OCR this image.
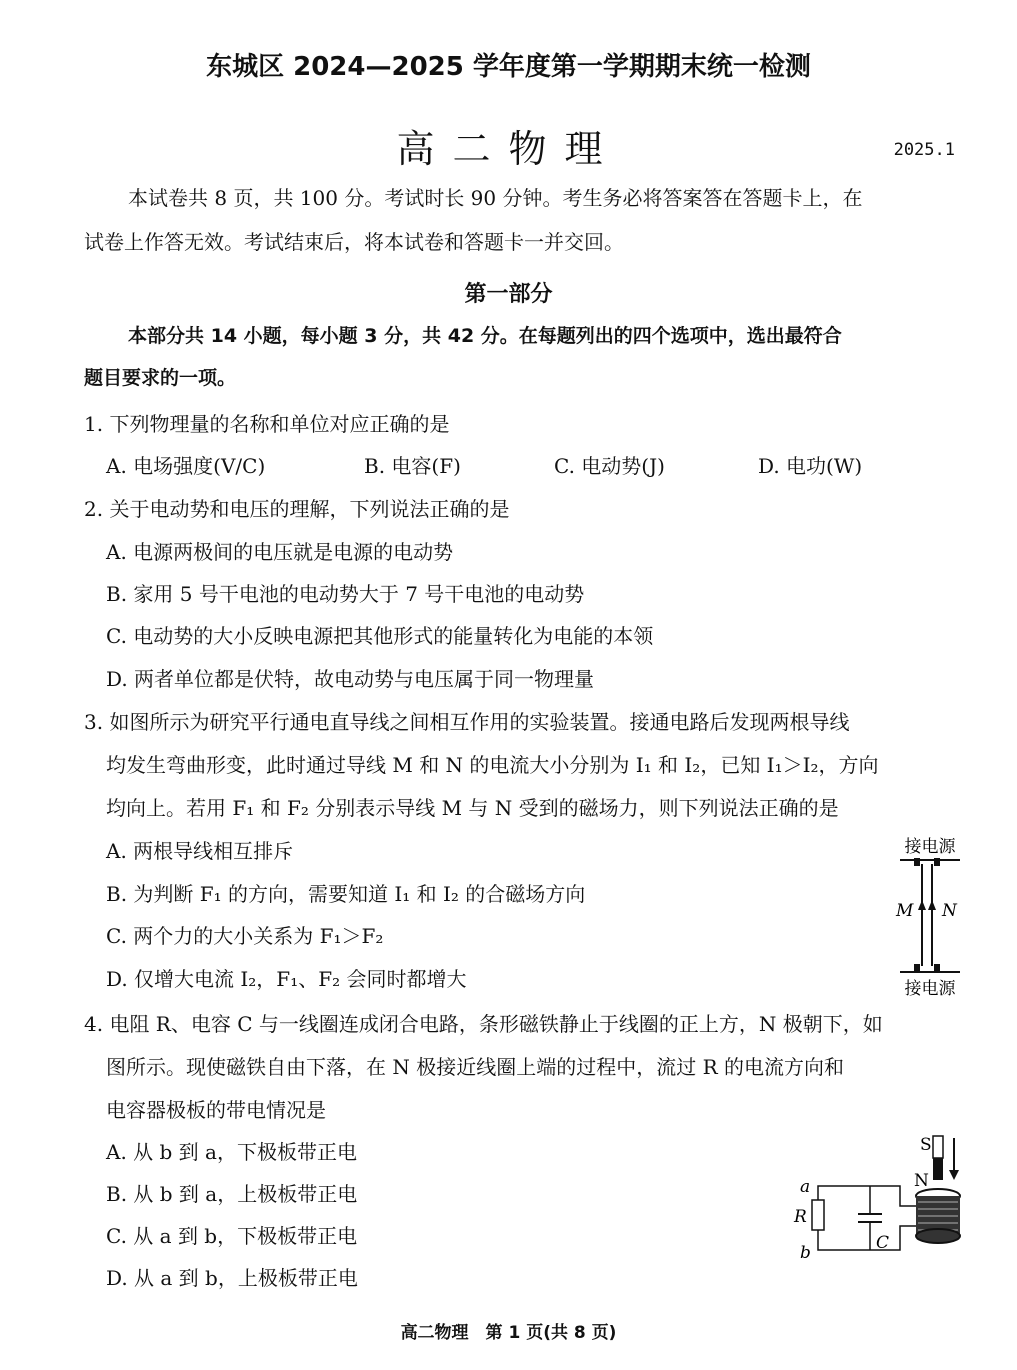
东城区 2024—2025 学年度第一学期期末统一检测
高二物理	2025.1
本试卷共 8 页，共 100 分。考试时长 90 分钟。考生务必将答案答在答题卡上，在
试卷上作答无效。考试结束后，将本试卷和答题卡一并交回。
第一部分
本部分共 14 小题，每小题 3 分，共 42 分。在每题列出的四个选项中，选出最符合
题目要求的一项。
1. 下列物理量的名称和单位对应正确的是
A. 电场强度(V/C)	B. 电容(F)	C. 电动势(J)	D. 电功(W)
2. 关于电动势和电压的理解，下列说法正确的是
A. 电源两极间的电压就是电源的电动势
B. 家用 5 号干电池的电动势大于 7 号干电池的电动势
C. 电动势的大小反映电源把其他形式的能量转化为电能的本领
D. 两者单位都是伏特，故电动势与电压属于同一物理量
3. 如图所示为研究平行通电直导线之间相互作用的实验装置。接通电路后发现两根导线
均发生弯曲形变，此时通过导线 M 和 N 的电流大小分别为 I₁ 和 I₂，已知 I₁＞I₂，方向
均向上。若用 F₁ 和 F₂ 分别表示导线 M 与 N 受到的磁场力，则下列说法正确的是
A. 两根导线相互排斥
B. 为判断 F₁ 的方向，需要知道 I₁ 和 I₂ 的合磁场方向
C. 两个力的大小关系为 F₁＞F₂
D. 仅增大电流 I₂，F₁、F₂ 会同时都增大
接电源
M N
接电源
4. 电阻 R、电容 C 与一线圈连成闭合电路，条形磁铁静止于线圈的正上方，N 极朝下，如
图所示。现使磁铁自由下落，在 N 极接近线圈上端的过程中，流过 R 的电流方向和
电容器极板的带电情况是
A. 从 b 到 a，下极板带正电
B. 从 b 到 a，上极板带正电
C. 从 a 到 b，下极板带正电
D. 从 a 到 b，上极板带正电
S
N
a
R
b	C
高二物理　第 1 页(共 8 页)
